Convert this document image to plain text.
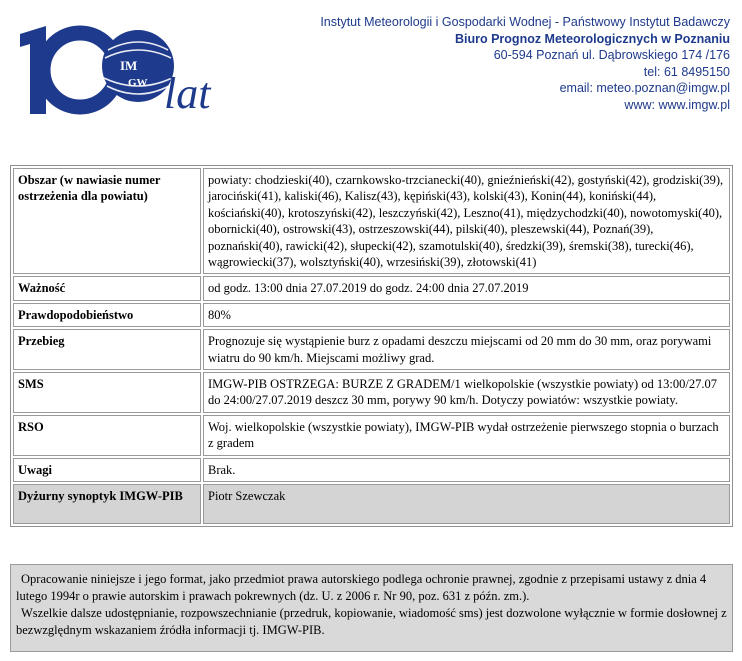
IM
GW lat
Instytut Meteorologii i Gospodarki Wodnej - Państwowy Instytut Badawczy
Biuro Prognoz Meteorologicznych w Poznaniu
60-594 Poznań ul. Dąbrowskiego 174 /176
tel: 61 8495150
email: meteo.poznan@imgw.pl
www: www.imgw.pl
Obszar (w nawiasie numer ostrzeżenia dla powiatu)	powiaty: chodzieski(40), czarnkowsko-trzcianecki(40), gnieźnieński(42), gostyński(42), grodziski(39), jarociński(41), kaliski(46), Kalisz(43), kępiński(43), kolski(43), Konin(44), koniński(44), kościański(40), krotoszyński(42), leszczyński(42), Leszno(41), międzychodzki(40), nowotomyski(40), obornicki(40), ostrowski(43), ostrzeszowski(44), pilski(40), pleszewski(44), Poznań(39), poznański(40), rawicki(42), słupecki(42), szamotulski(40), średzki(39), śremski(38), turecki(46), wągrowiecki(37), wolsztyński(40), wrzesiński(39), złotowski(41)
Ważność	od godz. 13:00 dnia 27.07.2019 do godz. 24:00 dnia 27.07.2019
Prawdopodobieństwo	80%
Przebieg	Prognozuje się wystąpienie burz z opadami deszczu miejscami od 20 mm do 30 mm, oraz porywami wiatru do 90 km/h. Miejscami możliwy grad.
SMS	IMGW-PIB OSTRZEGA: BURZE Z GRADEM/1 wielkopolskie (wszystkie powiaty) od 13:00/27.07 do 24:00/27.07.2019 deszcz 30 mm, porywy 90 km/h. Dotyczy powiatów: wszystkie powiaty.
RSO	Woj. wielkopolskie (wszystkie powiaty), IMGW-PIB wydał ostrzeżenie pierwszego stopnia o burzach z gradem
Uwagi	Brak.
Dyżurny synoptyk IMGW-PIB	Piotr Szewczak

Opracowanie niniejsze i jego format, jako przedmiot prawa autorskiego podlega ochronie prawnej, zgodnie z przepisami ustawy z dnia 4 lutego 1994r o prawie autorskim i prawach pokrewnych (dz. U. z 2006 r. Nr 90, poz. 631 z późn. zm.).

Wszelkie dalsze udostępnianie, rozpowszechnianie (przedruk, kopiowanie, wiadomość sms) jest dozwolone wyłącznie w formie dosłownej z bezwzględnym wskazaniem źródła informacji tj. IMGW-PIB.
